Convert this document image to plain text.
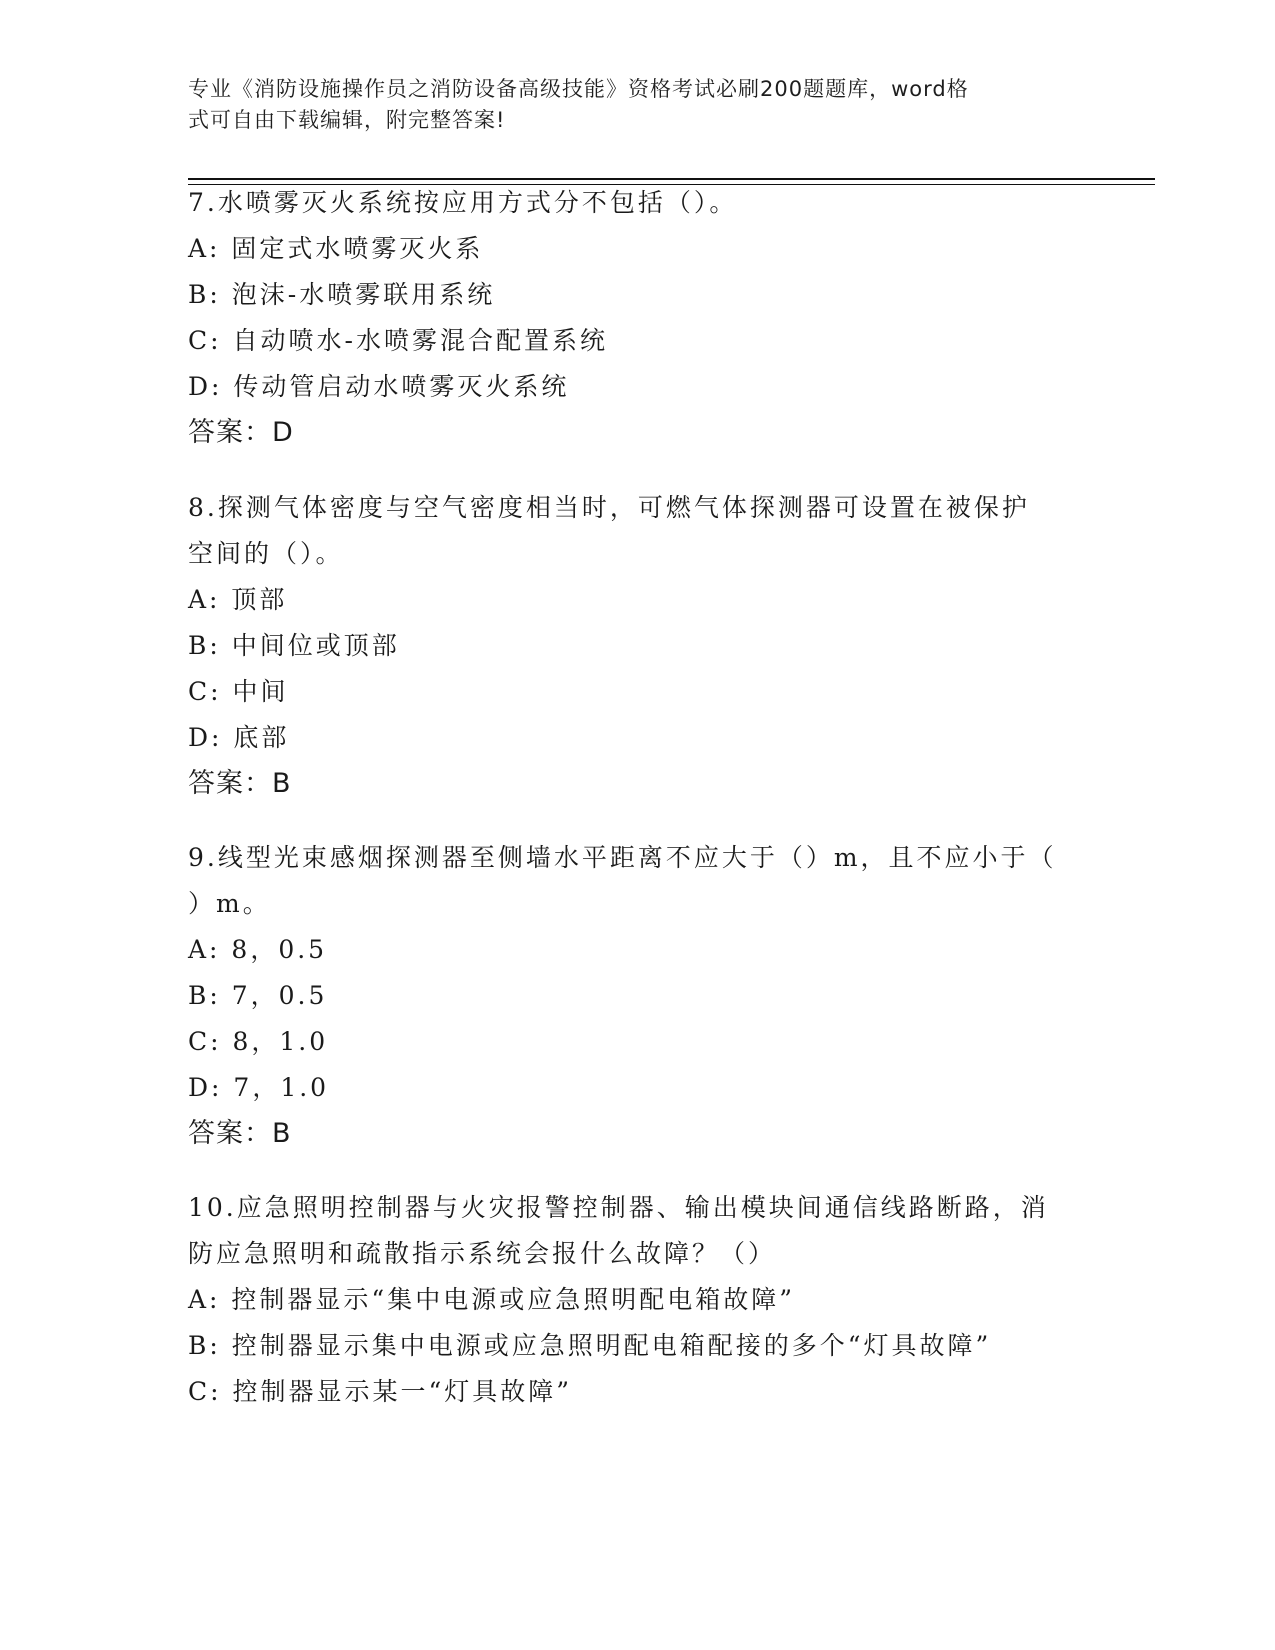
专业《消防设施操作员之消防设备高级技能》资格考试必刷200题题库，word格
式可自由下载编辑，附完整答案!
7.水喷雾灭火系统按应用方式分不包括（）。
A: 固定式水喷雾灭火系
B: 泡沫-水喷雾联用系统
C: 自动喷水-水喷雾混合配置系统
D: 传动管启动水喷雾灭火系统
答案：D
8.探测气体密度与空气密度相当时，可燃气体探测器可设置在被保护
空间的（）。
A: 顶部
B: 中间位或顶部
C: 中间
D: 底部
答案：B
9.线型光束感烟探测器至侧墙水平距离不应大于（）m，且不应小于（
）m。
A: 8，0.5
B: 7，0.5
C: 8，1.0
D: 7，1.0
答案：B
10.应急照明控制器与火灾报警控制器、输出模块间通信线路断路，消
防应急照明和疏散指示系统会报什么故障？（）
A: 控制器显示“集中电源或应急照明配电箱故障”
B: 控制器显示集中电源或应急照明配电箱配接的多个“灯具故障”
C: 控制器显示某一“灯具故障”
